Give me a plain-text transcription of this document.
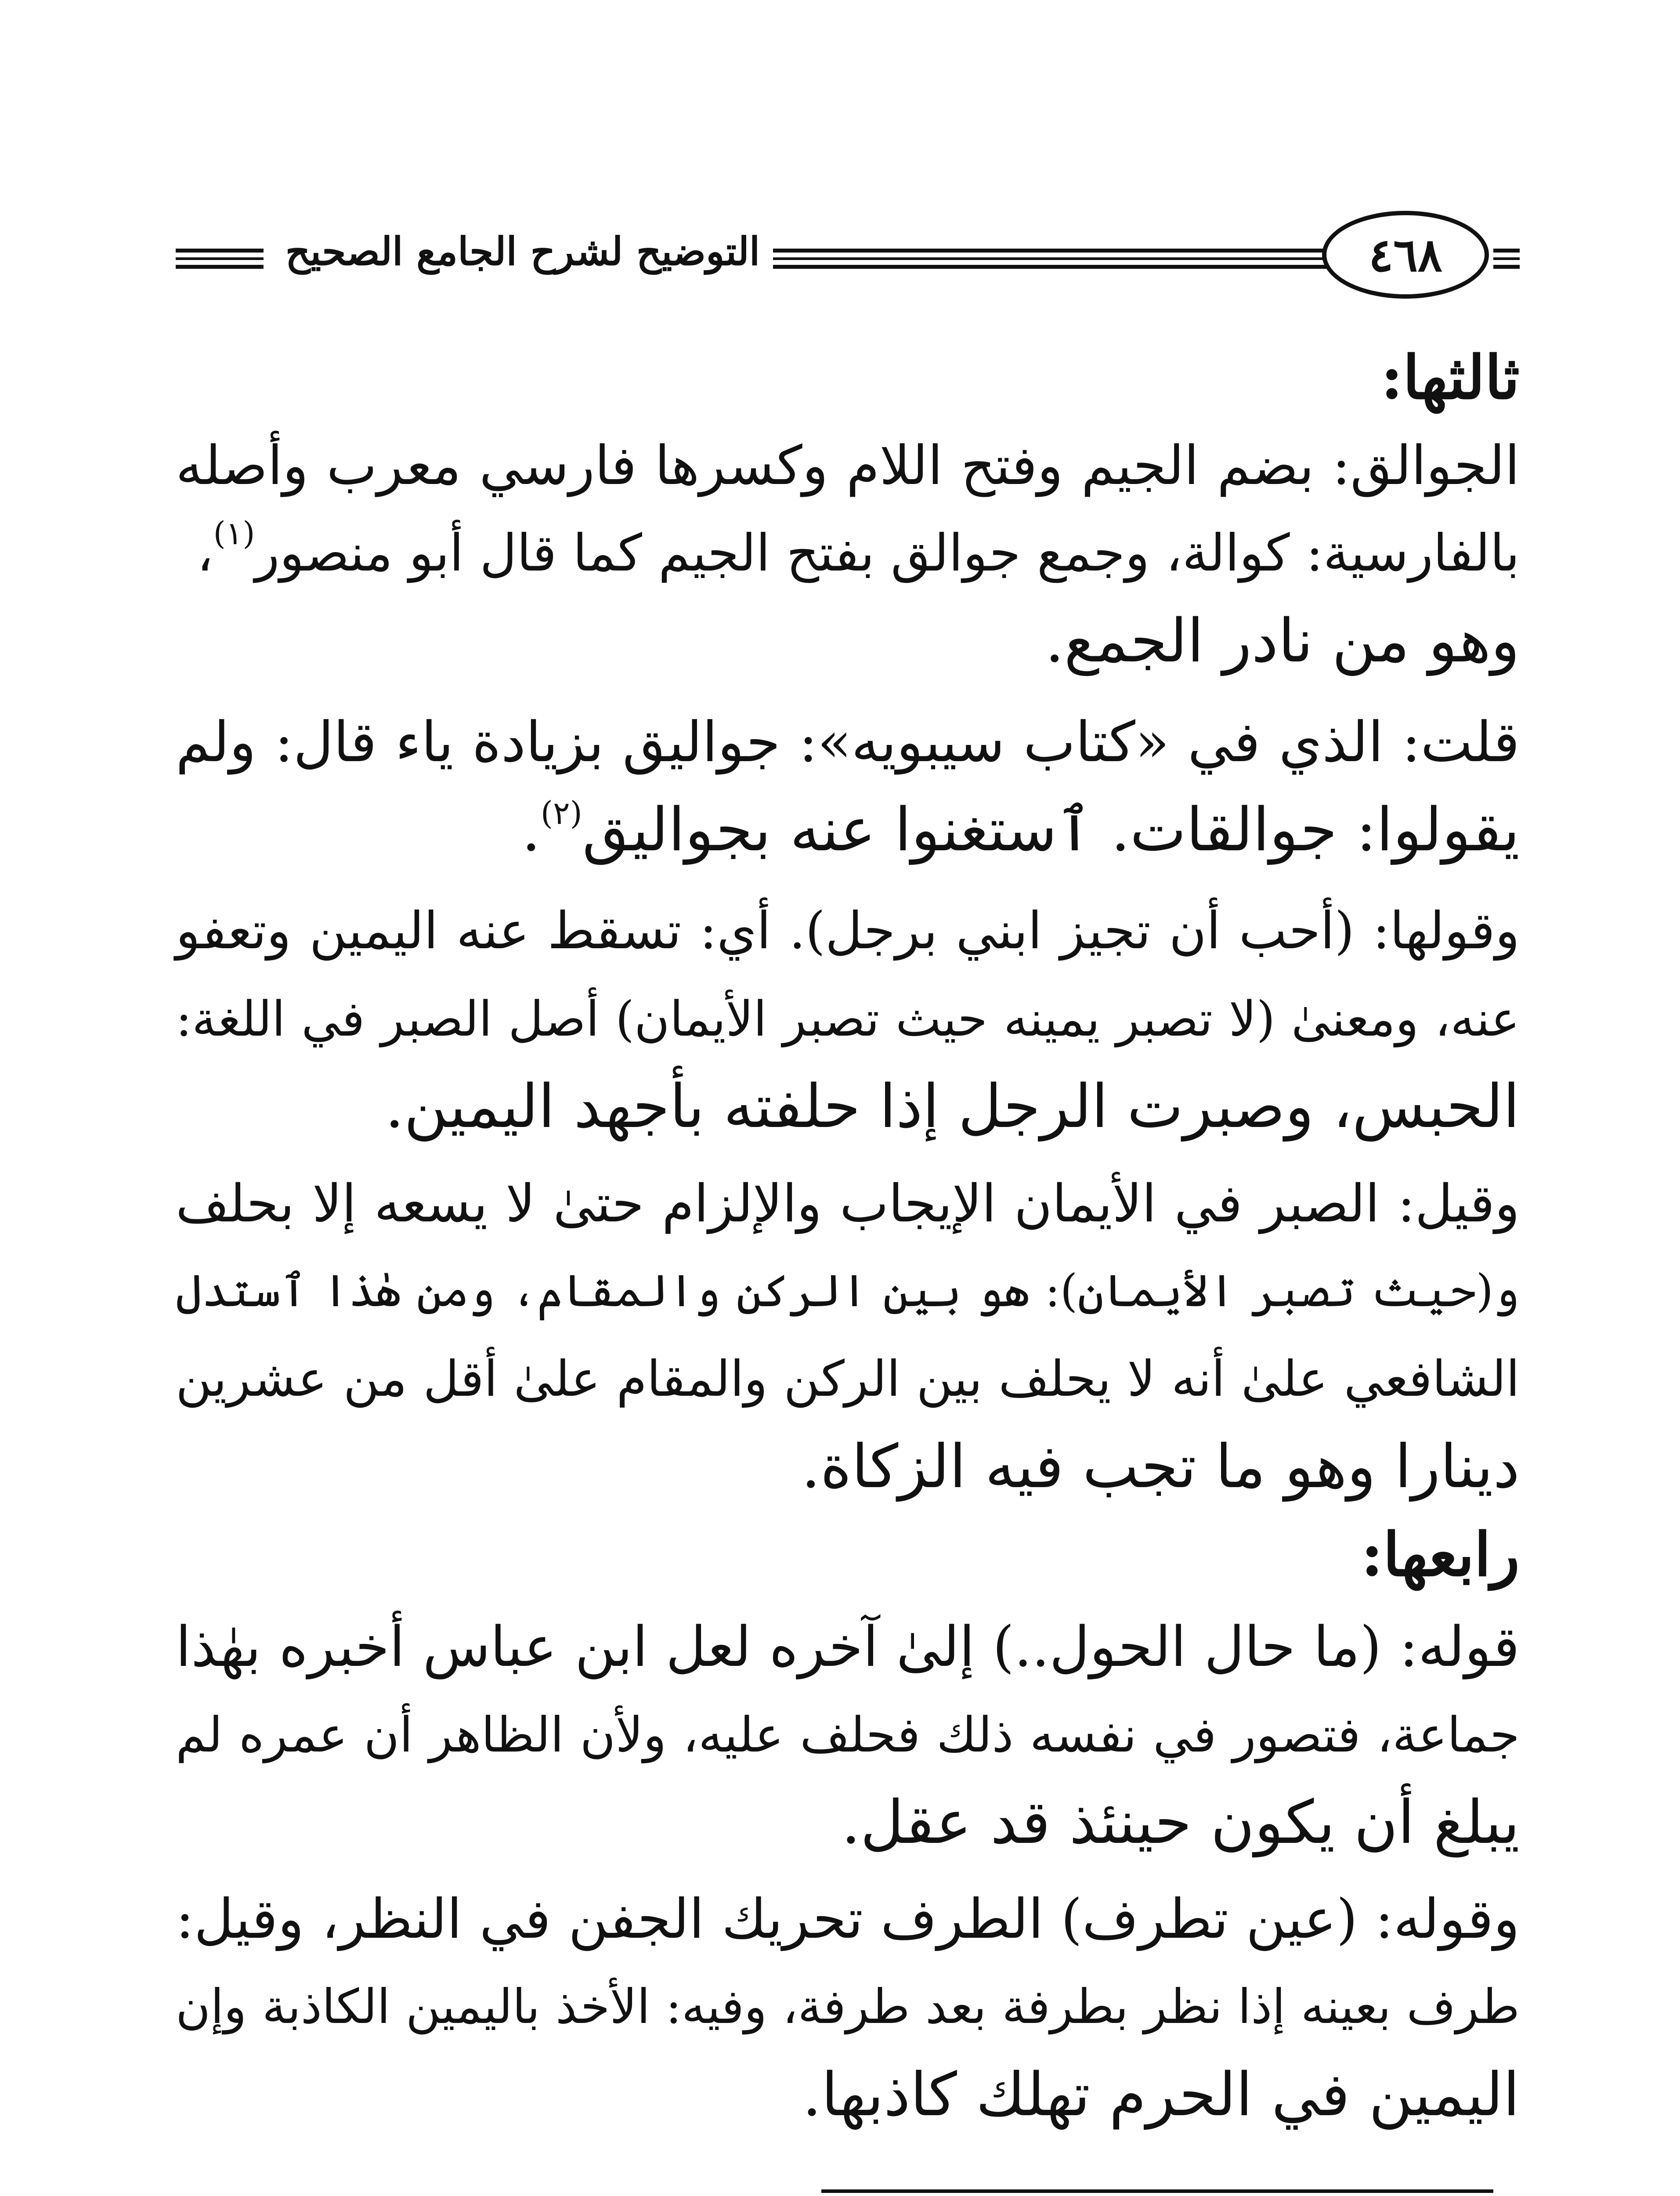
التوضيح لشرح الجامع الصحيح	٤٦٨
ثالثها:
الجوالق: بضم الجيم وفتح اللام وكسرها فارسي معرب وأصله
بالفارسية: كوالة، وجمع جوالق بفتح الجيم كما قال أبو منصور$^{(١)}$،
وهو من نادر الجمع.
قلت: الذي في «كتاب سيبويه»: جواليق بزيادة ياء قال: ولم
يقولوا: جوالقات. ٱستغنوا عنه بجواليق$^{(٢)}$.
وقولها: (أحب أن تجيز ابني برجل). أي: تسقط عنه اليمين وتعفو
عنه، ومعنىٰ (لا تصبر يمينه حيث تصبر الأيمان) أصل الصبر في اللغة:
الحبس، وصبرت الرجل إذا حلفته بأجهد اليمين.
وقيل: الصبر في الأيمان الإيجاب والإلزام حتىٰ لا يسعه إلا بحلف
و(حيث تصبر الأيمان): هو بين الركن والمقام، ومن هٰذا ٱستدل
الشافعي علىٰ أنه لا يحلف بين الركن والمقام علىٰ أقل من عشرين
دينارا وهو ما تجب فيه الزكاة.
رابعها:
قوله: (ما حال الحول..) إلىٰ آخره لعل ابن عباس أخبره بهٰذا
جماعة، فتصور في نفسه ذلك فحلف عليه، ولأن الظاهر أن عمره لم
يبلغ أن يكون حينئذ قد عقل.
وقوله: (عين تطرف) الطرف تحريك الجفن في النظر، وقيل:
طرف بعينه إذا نظر بطرفة بعد طرفة، وفيه: الأخذ باليمين الكاذبة وإن
اليمين في الحرم تهلك كاذبها.
